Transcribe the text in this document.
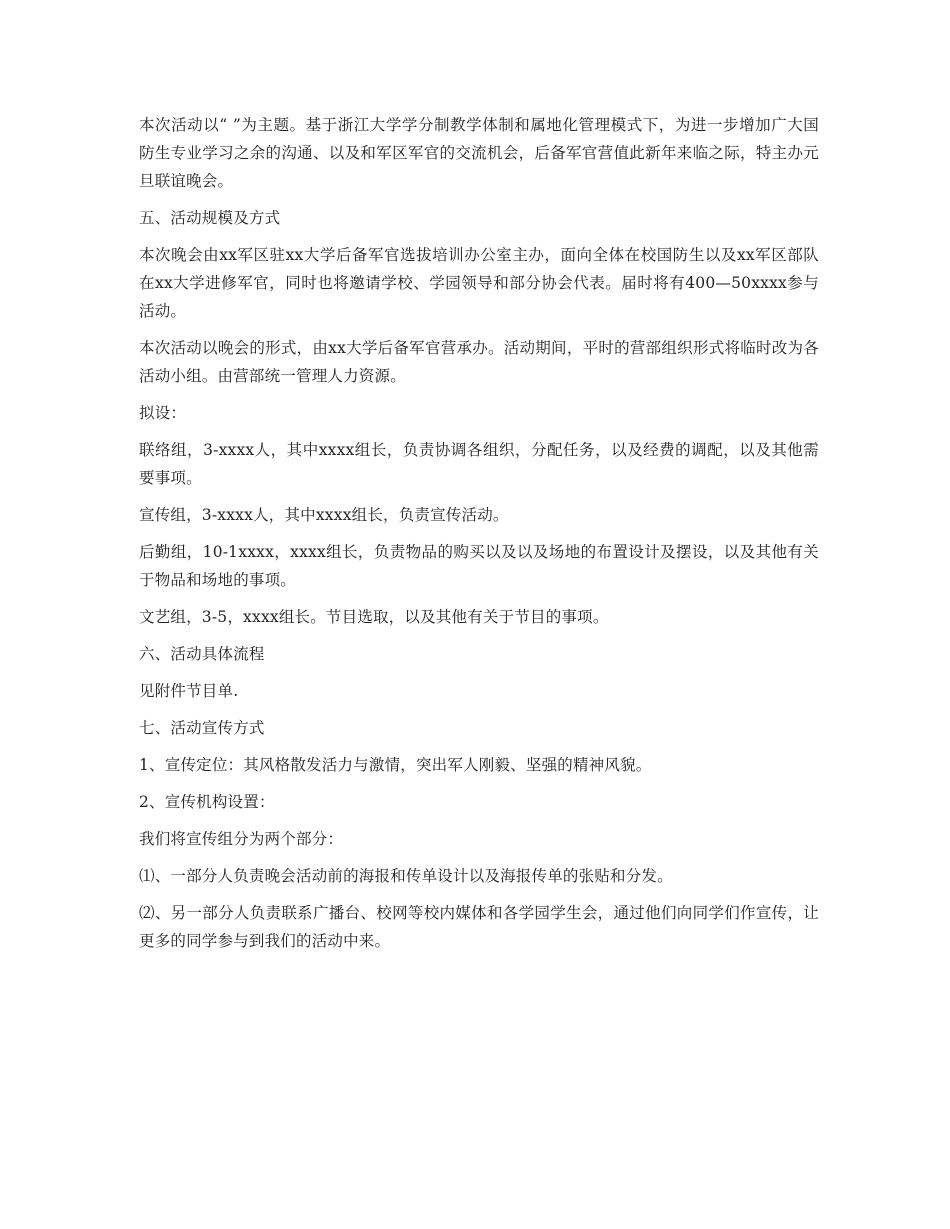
本次活动以“ ”为主题。基于浙江大学学分制教学体制和属地化管理模式下，为进一步增加广大国防生专业学习之余的沟通、以及和军区军官的交流机会，后备军官营值此新年来临之际，特主办元旦联谊晚会。

五、活动规模及方式

本次晚会由xx军区驻xx大学后备军官选拔培训办公室主办，面向全体在校国防生以及xx军区部队在xx大学进修军官，同时也将邀请学校、学园领导和部分协会代表。届时将有400—50xxxx参与活动。

本次活动以晚会的形式，由xx大学后备军官营承办。活动期间，平时的营部组织形式将临时改为各活动小组。由营部统一管理人力资源。

拟设：

联络组，3-xxxx人，其中xxxx组长，负责协调各组织，分配任务，以及经费的调配，以及其他需要事项。

宣传组，3-xxxx人，其中xxxx组长，负责宣传活动。

后勤组，10-1xxxx，xxxx组长，负责物品的购买以及以及场地的布置设计及摆设，以及其他有关于物品和场地的事项。

文艺组，3-5，xxxx组长。节目选取，以及其他有关于节目的事项。

六、活动具体流程

见附件节目单.

七、活动宣传方式

1、宣传定位：其风格散发活力与激情，突出军人刚毅、坚强的精神风貌。

2、宣传机构设置：

我们将宣传组分为两个部分：

⑴、一部分人负责晚会活动前的海报和传单设计以及海报传单的张贴和分发。

⑵、另一部分人负责联系广播台、校网等校内媒体和各学园学生会，通过他们向同学们作宣传，让更多的同学参与到我们的活动中来。
